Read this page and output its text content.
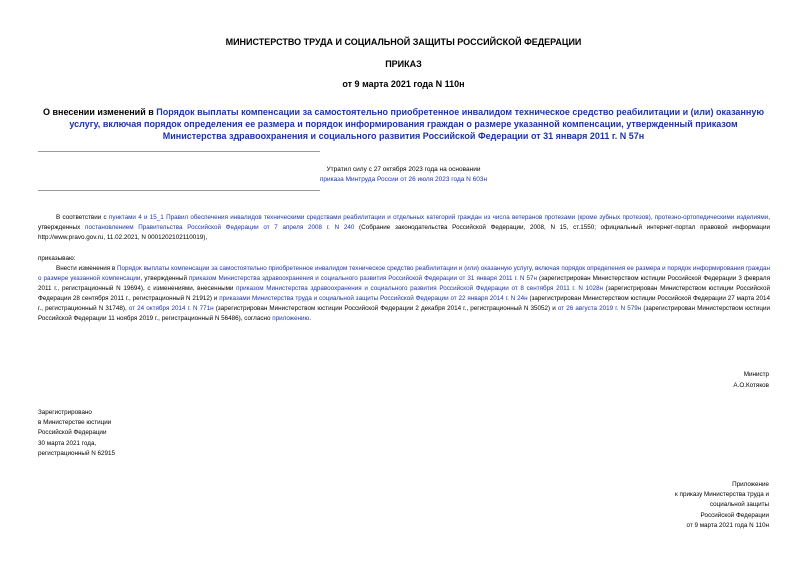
МИНИСТЕРСТВО ТРУДА И СОЦИАЛЬНОЙ ЗАЩИТЫ РОССИЙСКОЙ ФЕДЕРАЦИИ
ПРИКАЗ
от 9 марта 2021 года N 110н
О внесении изменений в Порядок выплаты компенсации за самостоятельно приобретенное инвалидом техническое средство реабилитации и (или) оказанную услугу, включая порядок определения ее размера и порядок информирования граждан о размере указанной компенсации, утвержденный приказом Министерства здравоохранения и социального развития Российской Федерации от 31 января 2011 г. N 57н
Утратил силу с 27 октября 2023 года на основании
приказа Минтруда России от 26 июля 2023 года N 603н
В соответствии с пунктами 4 и 15_1 Правил обеспечения инвалидов техническими средствами реабилитации и отдельных категорий граждан из числа ветеранов протезами (кроме зубных протезов), протезно-ортопедическими изделиями, утвержденных постановлением Правительства Российской Федерации от 7 апреля 2008 г. N 240 (Собрание законодательства Российской Федерации, 2008, N 15, ст.1550; официальный интернет-портал правовой информации http://www.pravo.gov.ru, 11.02.2021, N 0001202102110019),
приказываю:
Внести изменения в Порядок выплаты компенсации за самостоятельно приобретенное инвалидом техническое средство реабилитации и (или) оказанную услугу, включая порядок определения ее размера и порядок информирования граждан о размере указанной компенсации, утвержденный приказом Министерства здравоохранения и социального развития Российской Федерации от 31 января 2011 г. N 57н (зарегистрирован Министерством юстиции Российской Федерации 3 февраля 2011 г., регистрационный N 19694), с изменениями, внесенными приказом Министерства здравоохранения и социального развития Российской Федерации от 8 сентября 2011 г. N 1028н (зарегистрирован Министерством юстиции Российской Федерации 28 сентября 2011 г., регистрационный N 21912) и приказами Министерства труда и социальной защиты Российской Федерации от 22 января 2014 г. N 24н (зарегистрирован Министерством юстиции Российской Федерации 27 марта 2014 г., регистрационный N 31748), от 24 октября 2014 г. N 771н (зарегистрирован Министерством юстиции Российской Федерации 2 декабря 2014 г., регистрационный N 35052) и от 26 августа 2019 г. N 579н (зарегистрирован Министерством юстиции Российской Федерации 11 ноября 2019 г., регистрационный N 56486), согласно приложению.
Министр
А.О.Котяков
Зарегистрировано
в Министерстве юстиции
Российской Федерации
30 марта 2021 года,
регистрационный N 62915
Приложение
к приказу Министерства труда и
социальной защиты
Российской Федерации
от 9 марта 2021 года N 110н
